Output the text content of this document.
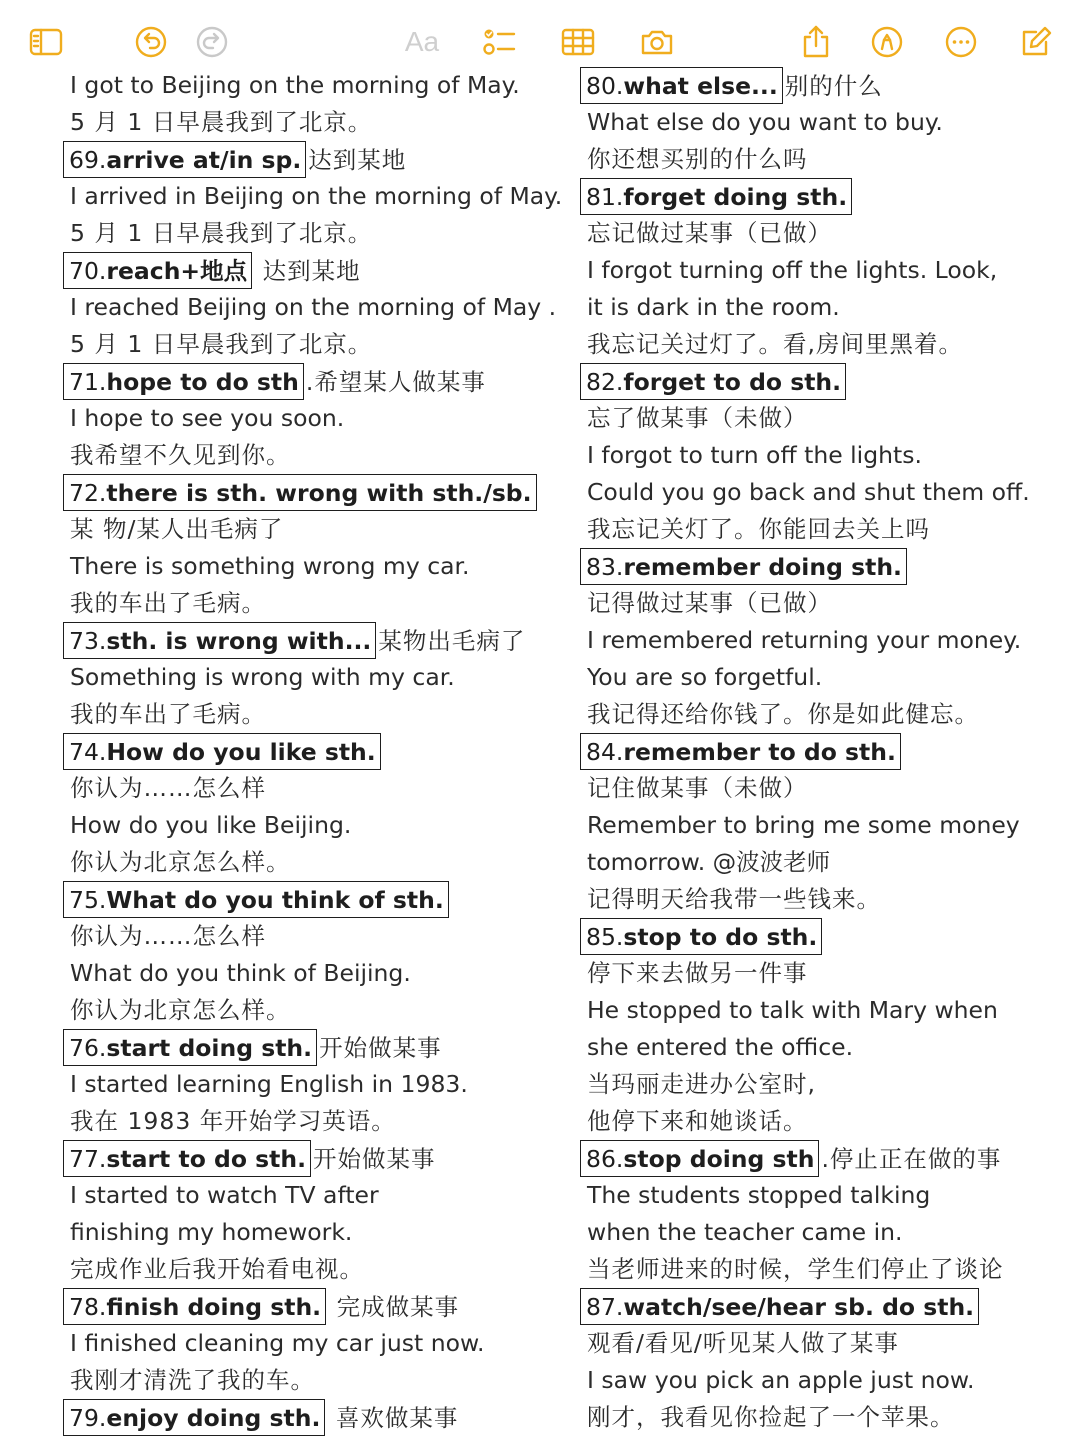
Aa
I got to Beijing on the morning of May.
5 月 1 日早晨我到了北京。
69.arrive at/in sp. 达到某地
I arrived in Beijing on the morning of May.
5 月 1 日早晨我到了北京。
70.reach+地点 达到某地
I reached Beijing on the morning of May .
5 月 1 日早晨我到了北京。
71.hope to do sth .希望某人做某事
I hope to see you soon.
我希望不久见到你。
72.there is sth. wrong with sth./sb.
某 物/某人出毛病了
There is something wrong my car.
我的车出了毛病。
73.sth. is wrong with... 某物出毛病了
Something is wrong with my car.
我的车出了毛病。
74.How do you like sth.
你认为……怎么样
How do you like Beijing.
你认为北京怎么样。
75.What do you think of sth.
你认为……怎么样
What do you think of Beijing.
你认为北京怎么样。
76.start doing sth. 开始做某事
I started learning English in 1983.
我在 1983 年开始学习英语。
77.start to do sth. 开始做某事
I started to watch TV after
finishing my homework.
完成作业后我开始看电视。
78.finish doing sth. 完成做某事
I finished cleaning my car just now.
我刚才清洗了我的车。
79.enjoy doing sth. 喜欢做某事
80.what else... 别的什么
What else do you want to buy.
你还想买别的什么吗
81.forget doing sth.
忘记做过某事（已做）
I forgot turning off the lights. Look,
it is dark in the room.
我忘记关过灯了。看,房间里黑着。
82.forget to do sth.
忘了做某事（未做）
I forgot to turn off the lights.
Could you go back and shut them off.
我忘记关灯了。你能回去关上吗
83.remember doing sth.
记得做过某事（已做）
I remembered returning your money.
You are so forgetful.
我记得还给你钱了。你是如此健忘。
84.remember to do sth.
记住做某事（未做）
Remember to bring me some money
tomorrow. @波波老师
记得明天给我带一些钱来。
85.stop to do sth.
停下来去做另一件事
He stopped to talk with Mary when
she entered the office.
当玛丽走进办公室时,
他停下来和她谈话。
86.stop doing sth .停止正在做的事
The students stopped talking
when the teacher came in.
当老师进来的时候，学生们停止了谈论
87.watch/see/hear sb. do sth.
观看/看见/听见某人做了某事
I saw you pick an apple just now.
刚才，我看见你捡起了一个苹果。
